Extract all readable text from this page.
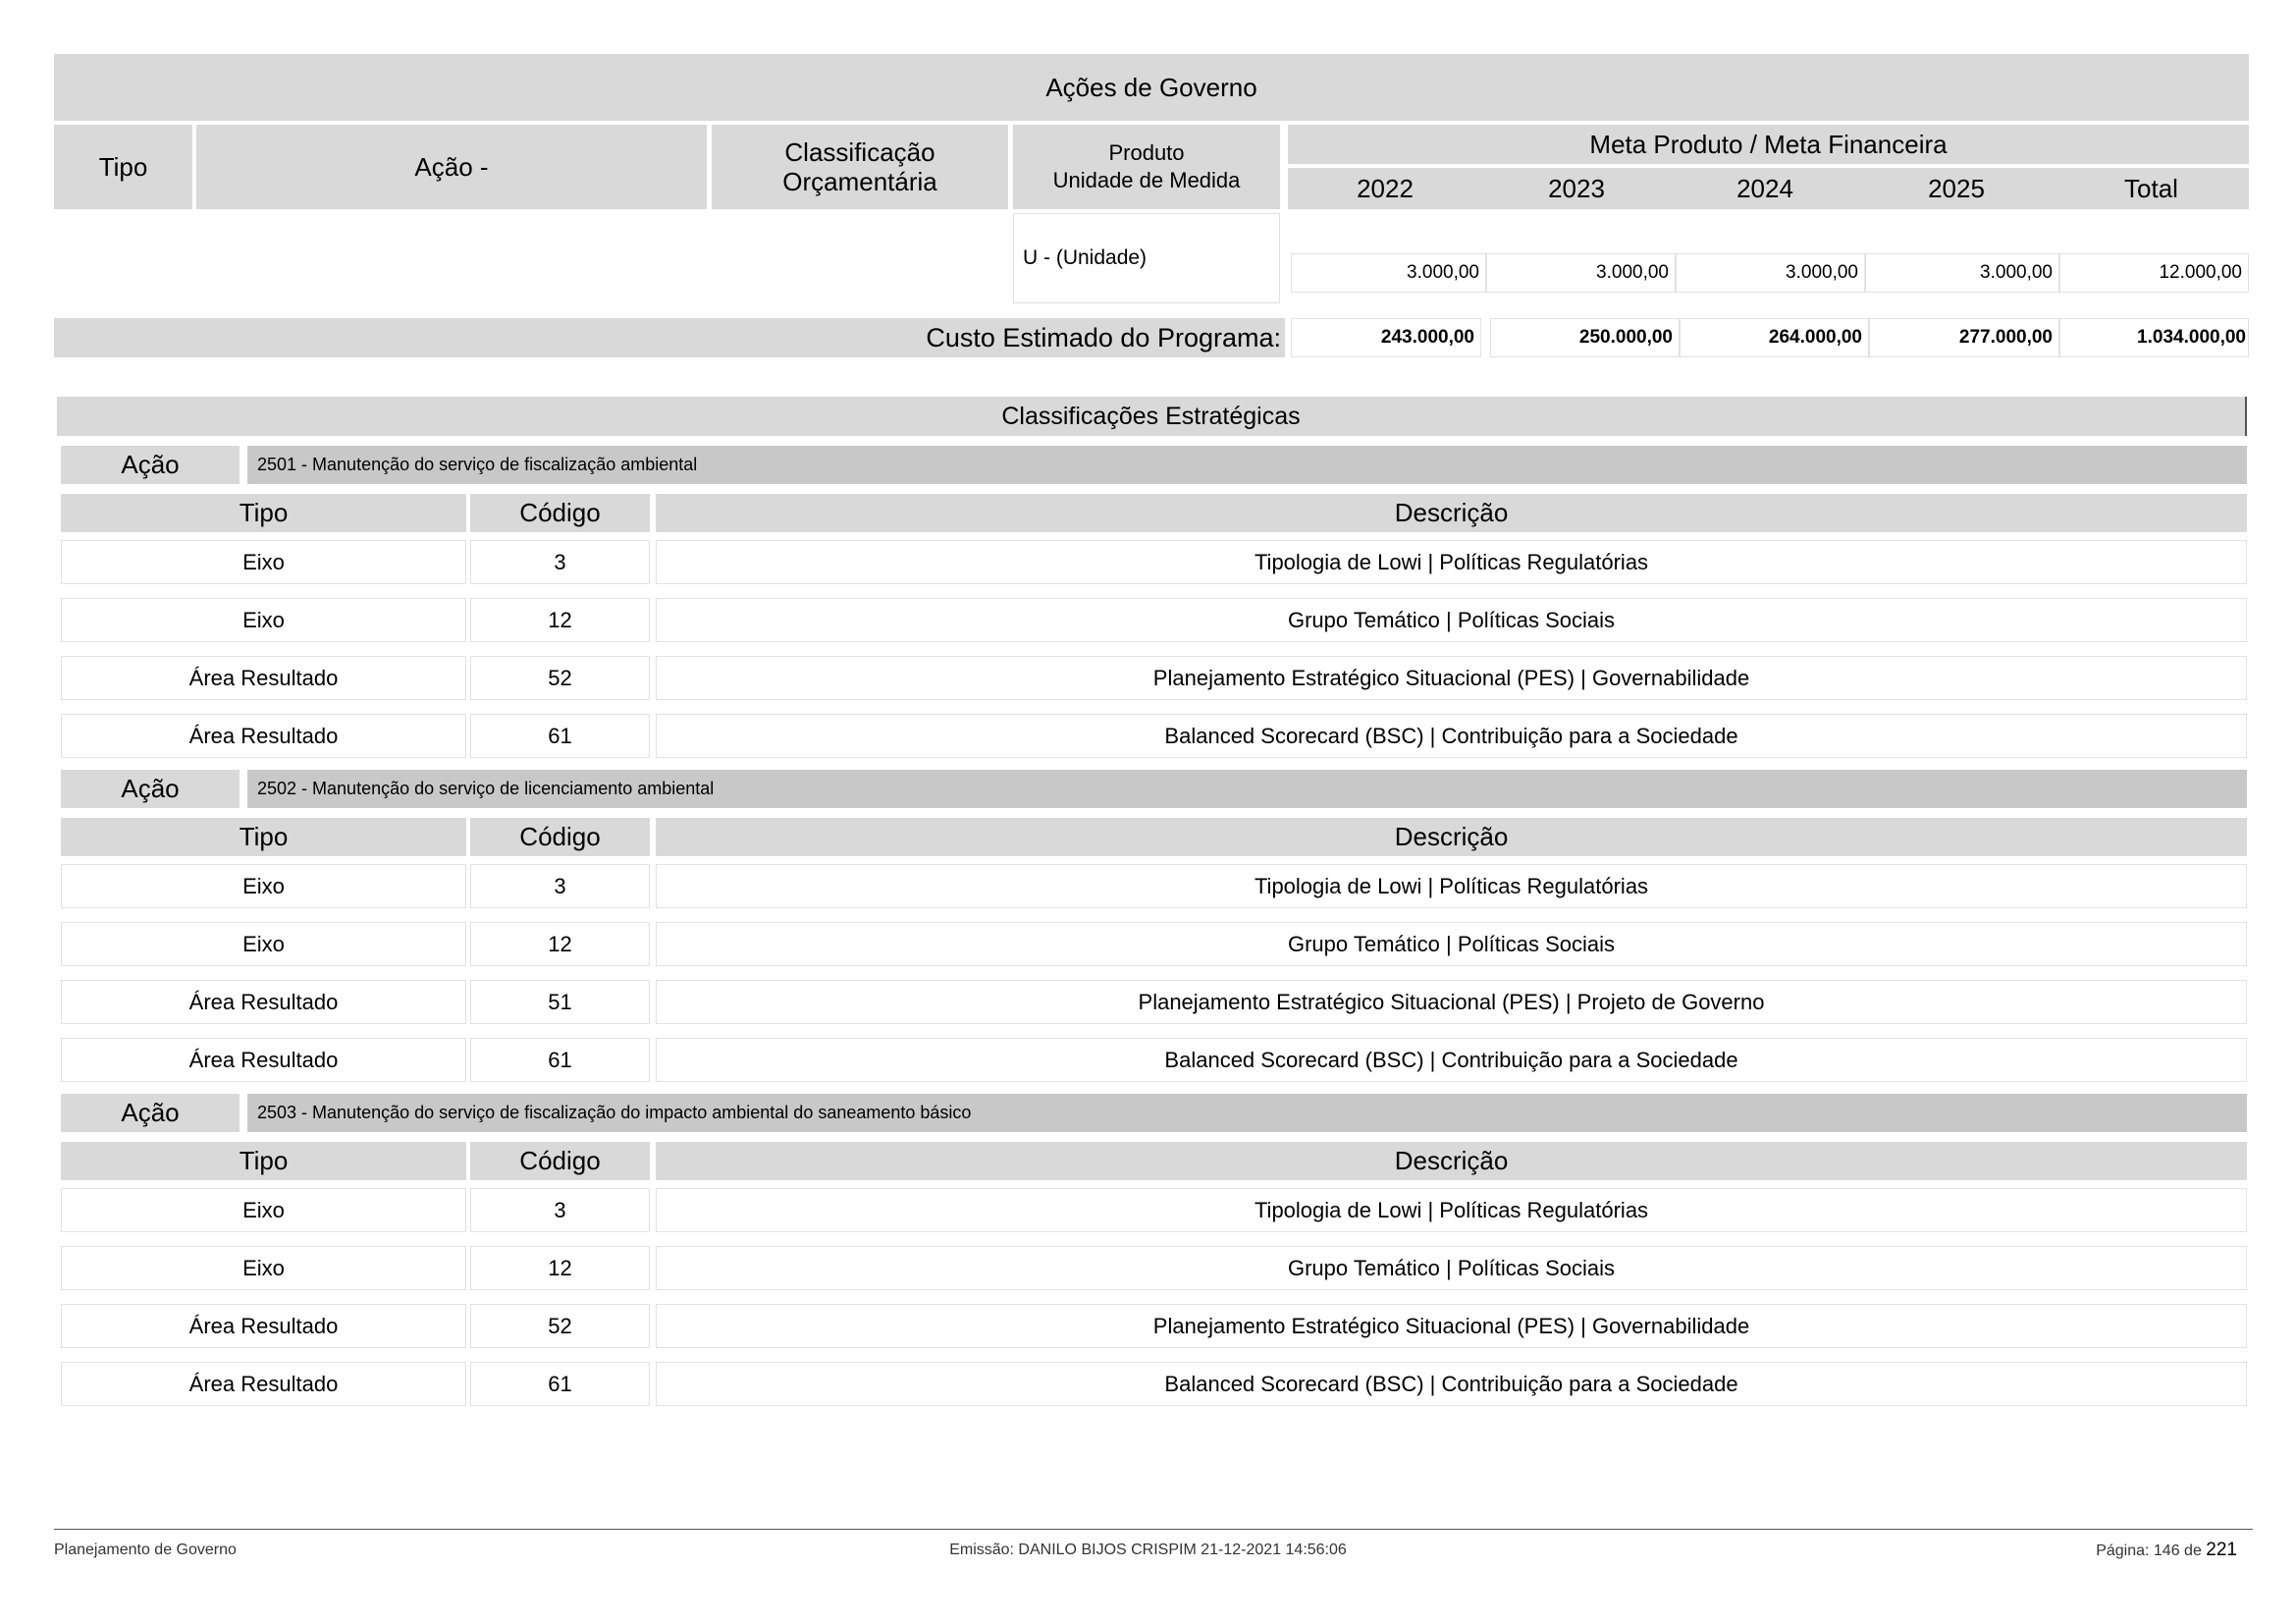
Ações de Governo
Tipo	Ação -	Classificação
Orçamentária
Produto
Unidade de Medida
Meta Produto / Meta Financeira
2022	2023	2024	2025	Total
U - (Unidade)
3.000,00	3.000,00	3.000,00	3.000,00	12.000,00
Custo Estimado do Programa:	243.000,00	250.000,00	264.000,00	277.000,00	1.034.000,00
Classificações Estratégicas
Ação	2501 - Manutenção do serviço de fiscalização ambiental
Tipo	Código	Descrição
Eixo	3	Tipologia de Lowi | Políticas Regulatórias
Eixo	12	Grupo Temático | Políticas Sociais
Área Resultado	52	Planejamento Estratégico Situacional (PES) | Governabilidade
Área Resultado	61	Balanced Scorecard (BSC) | Contribuição para a Sociedade
Ação	2502 - Manutenção do serviço de licenciamento ambiental
Tipo	Código	Descrição
Eixo	3	Tipologia de Lowi | Políticas Regulatórias
Eixo	12	Grupo Temático | Políticas Sociais
Área Resultado	51	Planejamento Estratégico Situacional (PES) | Projeto de Governo
Área Resultado	61	Balanced Scorecard (BSC) | Contribuição para a Sociedade
Ação	2503 - Manutenção do serviço de fiscalização do impacto ambiental do saneamento básico
Tipo	Código	Descrição
Eixo	3	Tipologia de Lowi | Políticas Regulatórias
Eixo	12	Grupo Temático | Políticas Sociais
Área Resultado	52	Planejamento Estratégico Situacional (PES) | Governabilidade
Área Resultado	61	Balanced Scorecard (BSC) | Contribuição para a Sociedade
Planejamento de Governo	Emissão: DANILO BIJOS CRISPIM 21-12-2021 14:56:06	Página: 146 de 221
